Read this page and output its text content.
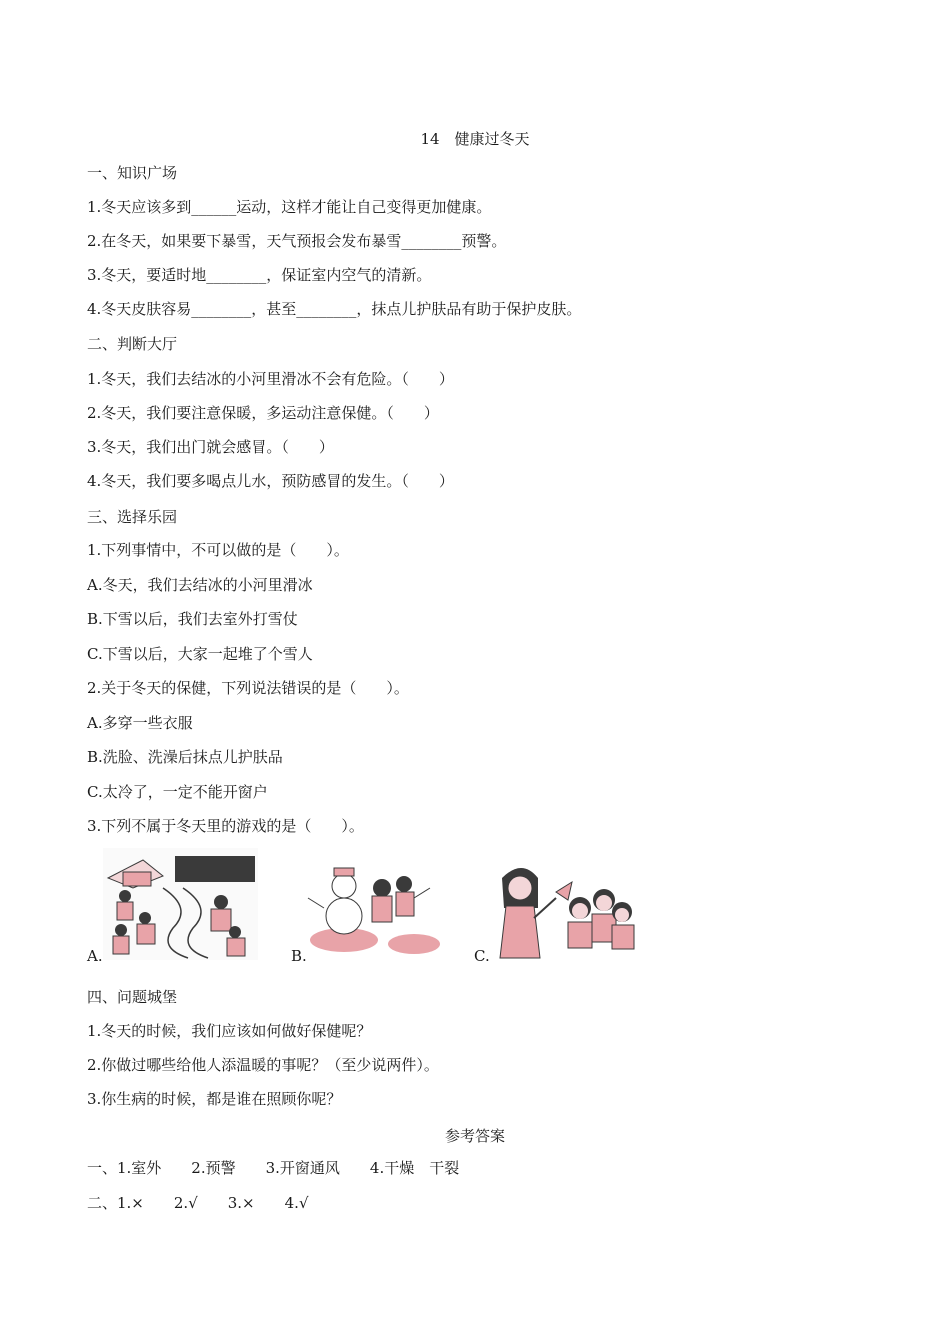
14　健康过冬天
一、知识广场
1.冬天应该多到______运动，这样才能让自己变得更加健康。
2.在冬天，如果要下暴雪，天气预报会发布暴雪________预警。
3.冬天，要适时地________，保证室内空气的清新。
4.冬天皮肤容易________，甚至________，抹点儿护肤品有助于保护皮肤。
二、判断大厅
1.冬天，我们去结冰的小河里滑冰不会有危险。（　　）
2.冬天，我们要注意保暖，多运动注意保健。（　　）
3.冬天，我们出门就会感冒。（　　）
4.冬天，我们要多喝点儿水，预防感冒的发生。（　　）
三、选择乐园
1.下列事情中，不可以做的是（　　）。
A.冬天，我们去结冰的小河里滑冰
B.下雪以后，我们去室外打雪仗
C.下雪以后，大家一起堆了个雪人
2.关于冬天的保健，下列说法错误的是（　　）。
A.多穿一些衣服
B.洗脸、洗澡后抹点儿护肤品
C.太冷了，一定不能开窗户
3.下列不属于冬天里的游戏的是（　　）。
A.	B.	C.
四、问题城堡
1.冬天的时候，我们应该如何做好保健呢？
2.你做过哪些给他人添温暖的事呢？（至少说两件）。
3.你生病的时候，都是谁在照顾你呢？
参考答案
一、1.室外　　2.预警　　3.开窗通风　　4.干燥　干裂
二、1.×　　2.√　　3.×　　4.√
